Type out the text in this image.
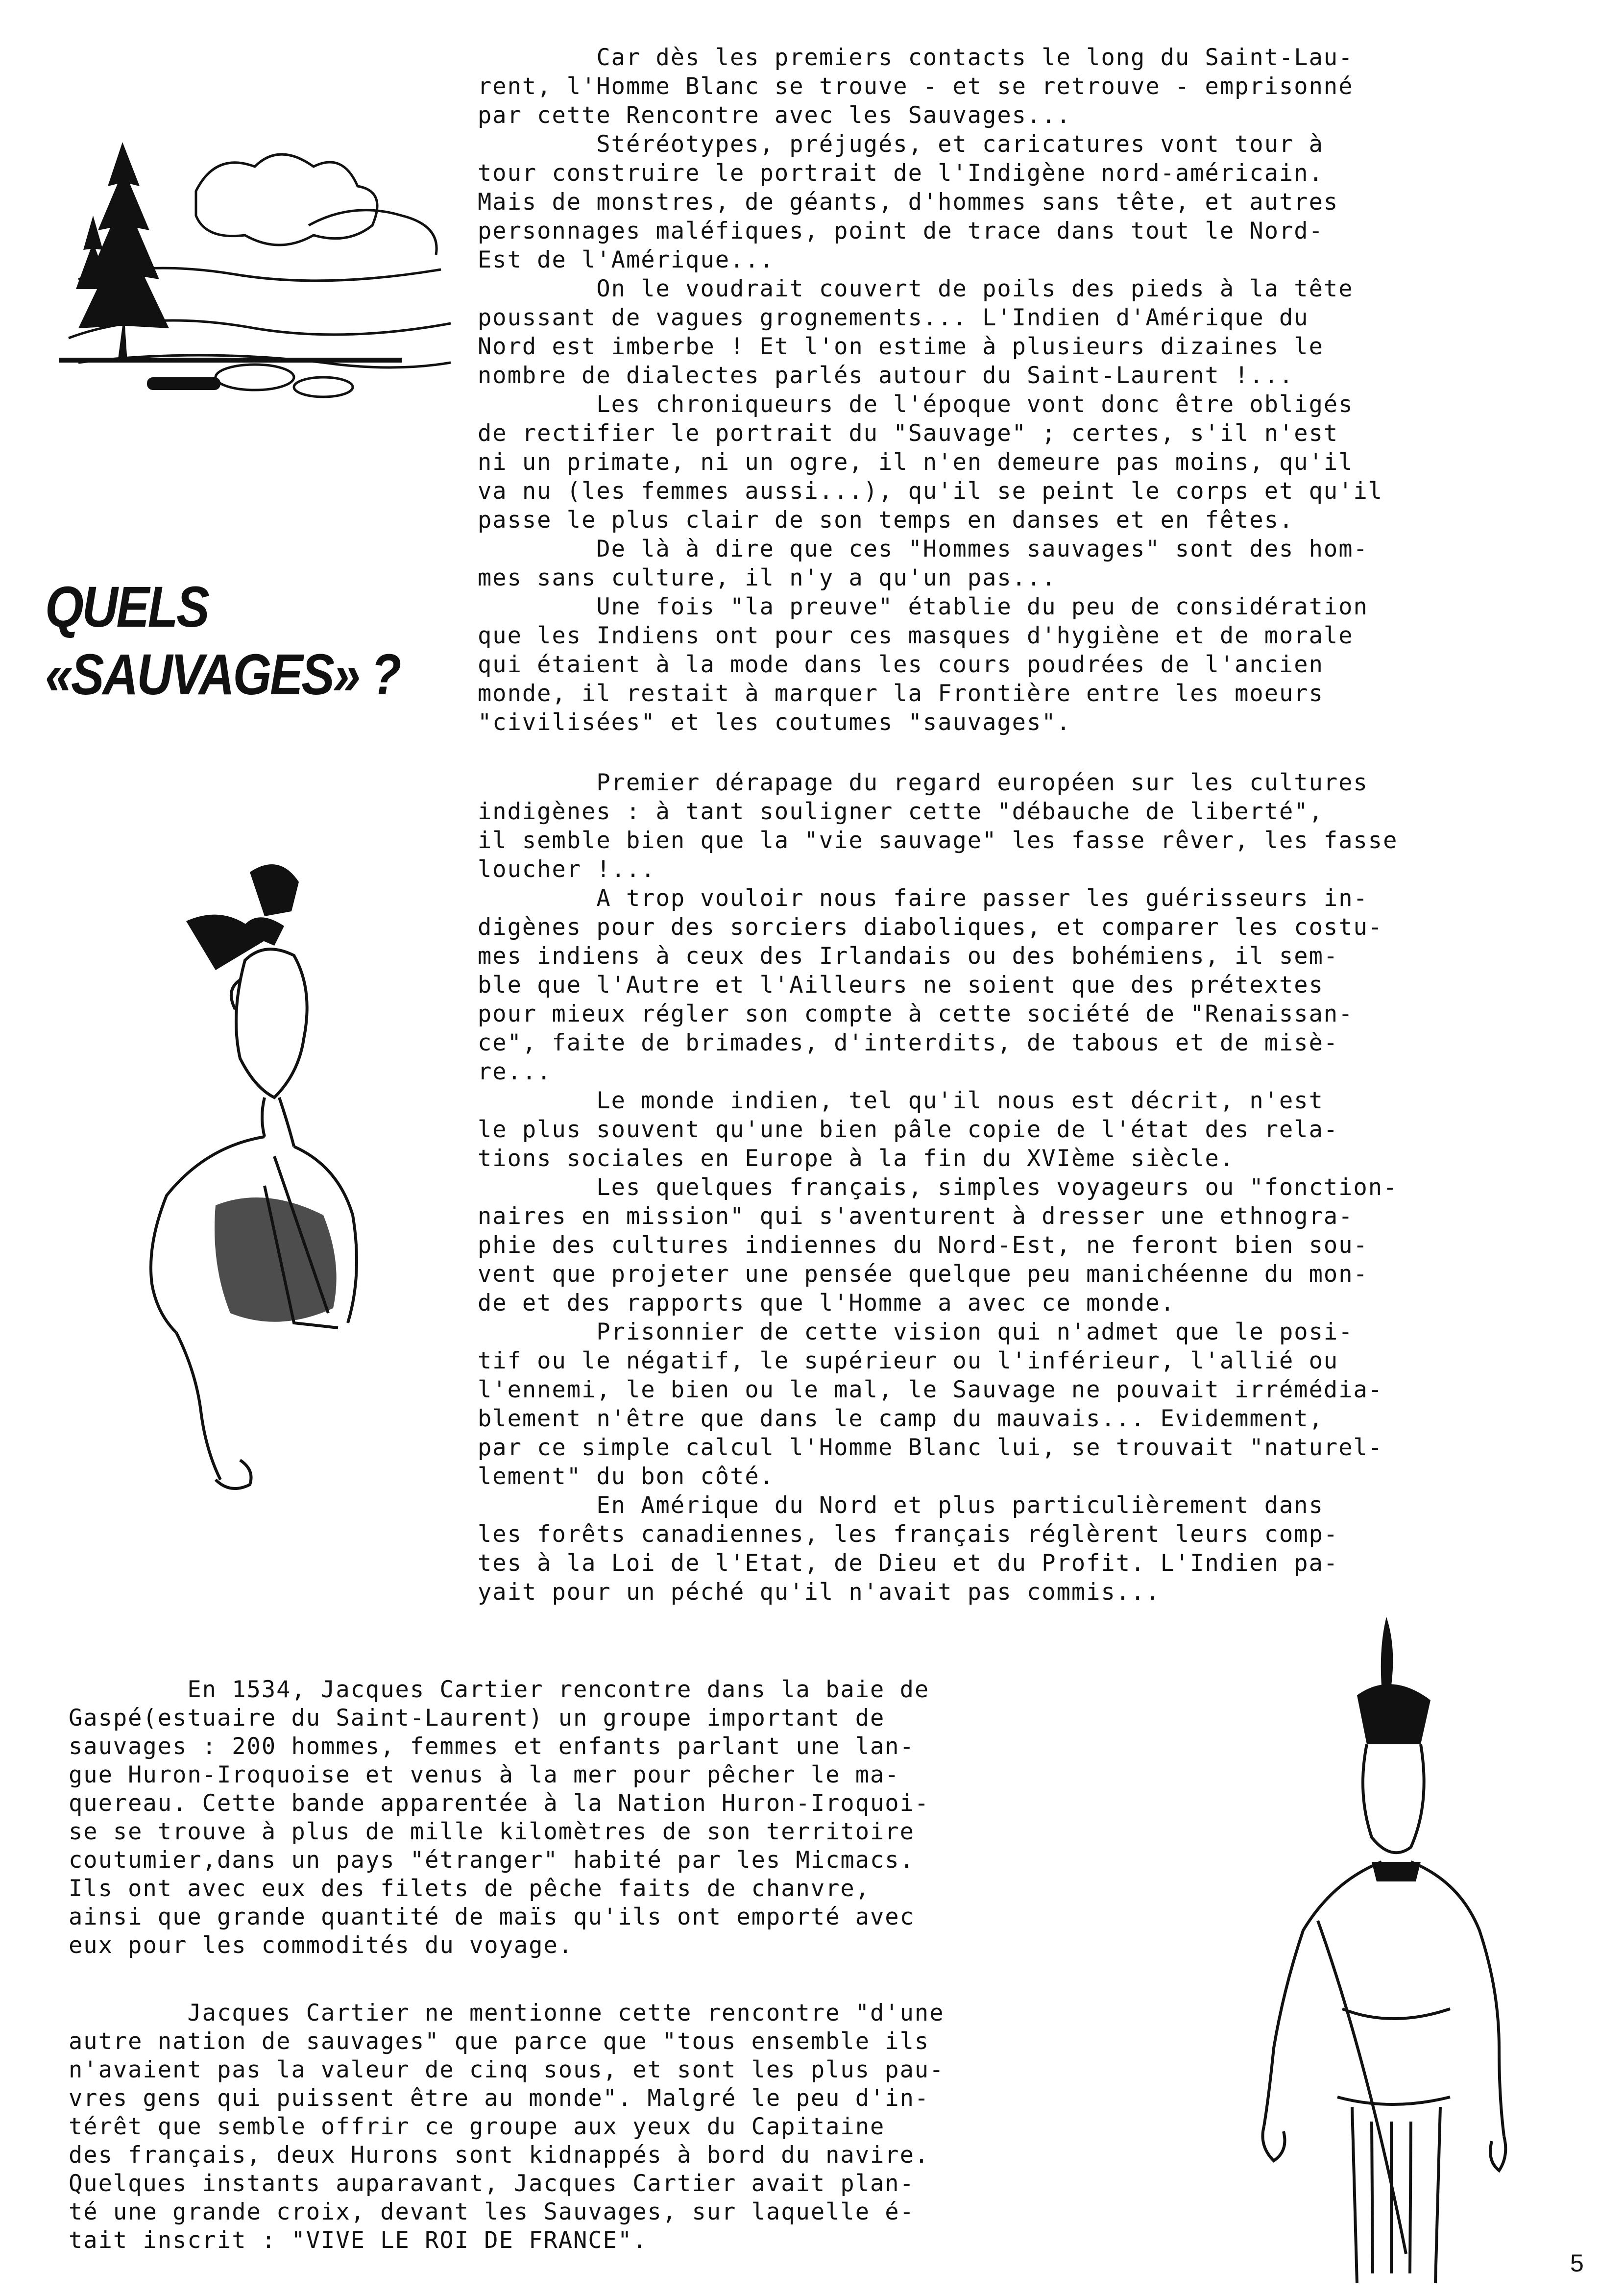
QUELS
«SAUVAGES» ?

Car dès les premiers contacts le long du Saint-Lau-
rent, l'Homme Blanc se trouve - et se retrouve - emprisonné
par cette Rencontre avec les Sauvages...

Stéréotypes, préjugés, et caricatures vont tour à
tour construire le portrait de l'Indigène nord-américain.
Mais de monstres, de géants, d'hommes sans tête, et autres
personnages maléfiques, point de trace dans tout le Nord-
Est de l'Amérique...

On le voudrait couvert de poils des pieds à la tête
poussant de vagues grognements... L'Indien d'Amérique du
Nord est imberbe ! Et l'on estime à plusieurs dizaines le
nombre de dialectes parlés autour du Saint-Laurent !...

Les chroniqueurs de l'époque vont donc être obligés
de rectifier le portrait du "Sauvage" ; certes, s'il n'est
ni un primate, ni un ogre, il n'en demeure pas moins, qu'il
va nu (les femmes aussi...), qu'il se peint le corps et qu'il
passe le plus clair de son temps en danses et en fêtes.

De là à dire que ces "Hommes sauvages" sont des hom-
mes sans culture, il n'y a qu'un pas...

Une fois "la preuve" établie du peu de considération
que les Indiens ont pour ces masques d'hygiène et de morale
qui étaient à la mode dans les cours poudrées de l'ancien
monde, il restait à marquer la Frontière entre les moeurs
"civilisées" et les coutumes "sauvages".

Premier dérapage du regard européen sur les cultures
indigènes : à tant souligner cette "débauche de liberté",
il semble bien que la "vie sauvage" les fasse rêver, les fasse
loucher !...

A trop vouloir nous faire passer les guérisseurs in-
digènes pour des sorciers diaboliques, et comparer les costu-
mes indiens à ceux des Irlandais ou des bohémiens, il sem-
ble que l'Autre et l'Ailleurs ne soient que des prétextes
pour mieux régler son compte à cette société de "Renaissan-
ce", faite de brimades, d'interdits, de tabous et de misè-
re...

Le monde indien, tel qu'il nous est décrit, n'est
le plus souvent qu'une bien pâle copie de l'état des rela-
tions sociales en Europe à la fin du XVIème siècle.

Les quelques français, simples voyageurs ou "fonction-
naires en mission" qui s'aventurent à dresser une ethnogra-
phie des cultures indiennes du Nord-Est, ne feront bien sou-
vent que projeter une pensée quelque peu manichéenne du mon-
de et des rapports que l'Homme a avec ce monde.

Prisonnier de cette vision qui n'admet que le posi-
tif ou le négatif, le supérieur ou l'inférieur, l'allié ou
l'ennemi, le bien ou le mal, le Sauvage ne pouvait irrémédia-
blement n'être que dans le camp du mauvais... Evidemment,
par ce simple calcul l'Homme Blanc lui, se trouvait "naturel-
lement" du bon côté.

En Amérique du Nord et plus particulièrement dans
les forêts canadiennes, les français réglèrent leurs comp-
tes à la Loi de l'Etat, de Dieu et du Profit. L'Indien pa-
yait pour un péché qu'il n'avait pas commis...

En 1534, Jacques Cartier rencontre dans la baie de
Gaspé(estuaire du Saint-Laurent) un groupe important de
sauvages : 200 hommes, femmes et enfants parlant une lan-
gue Huron-Iroquoise et venus à la mer pour pêcher le ma-
quereau. Cette bande apparentée à la Nation Huron-Iroquoi-
se se trouve à plus de mille kilomètres de son territoire
coutumier,dans un pays "étranger" habité par les Micmacs.
Ils ont avec eux des filets de pêche faits de chanvre,
ainsi que grande quantité de maïs qu'ils ont emporté avec
eux pour les commodités du voyage.

Jacques Cartier ne mentionne cette rencontre "d'une
autre nation de sauvages" que parce que "tous ensemble ils
n'avaient pas la valeur de cinq sous, et sont les plus pau-
vres gens qui puissent être au monde". Malgré le peu d'in-
térêt que semble offrir ce groupe aux yeux du Capitaine
des français, deux Hurons sont kidnappés à bord du navire.
Quelques instants auparavant, Jacques Cartier avait plan-
té une grande croix, devant les Sauvages, sur laquelle é-
tait inscrit : "VIVE LE ROI DE FRANCE".

5
